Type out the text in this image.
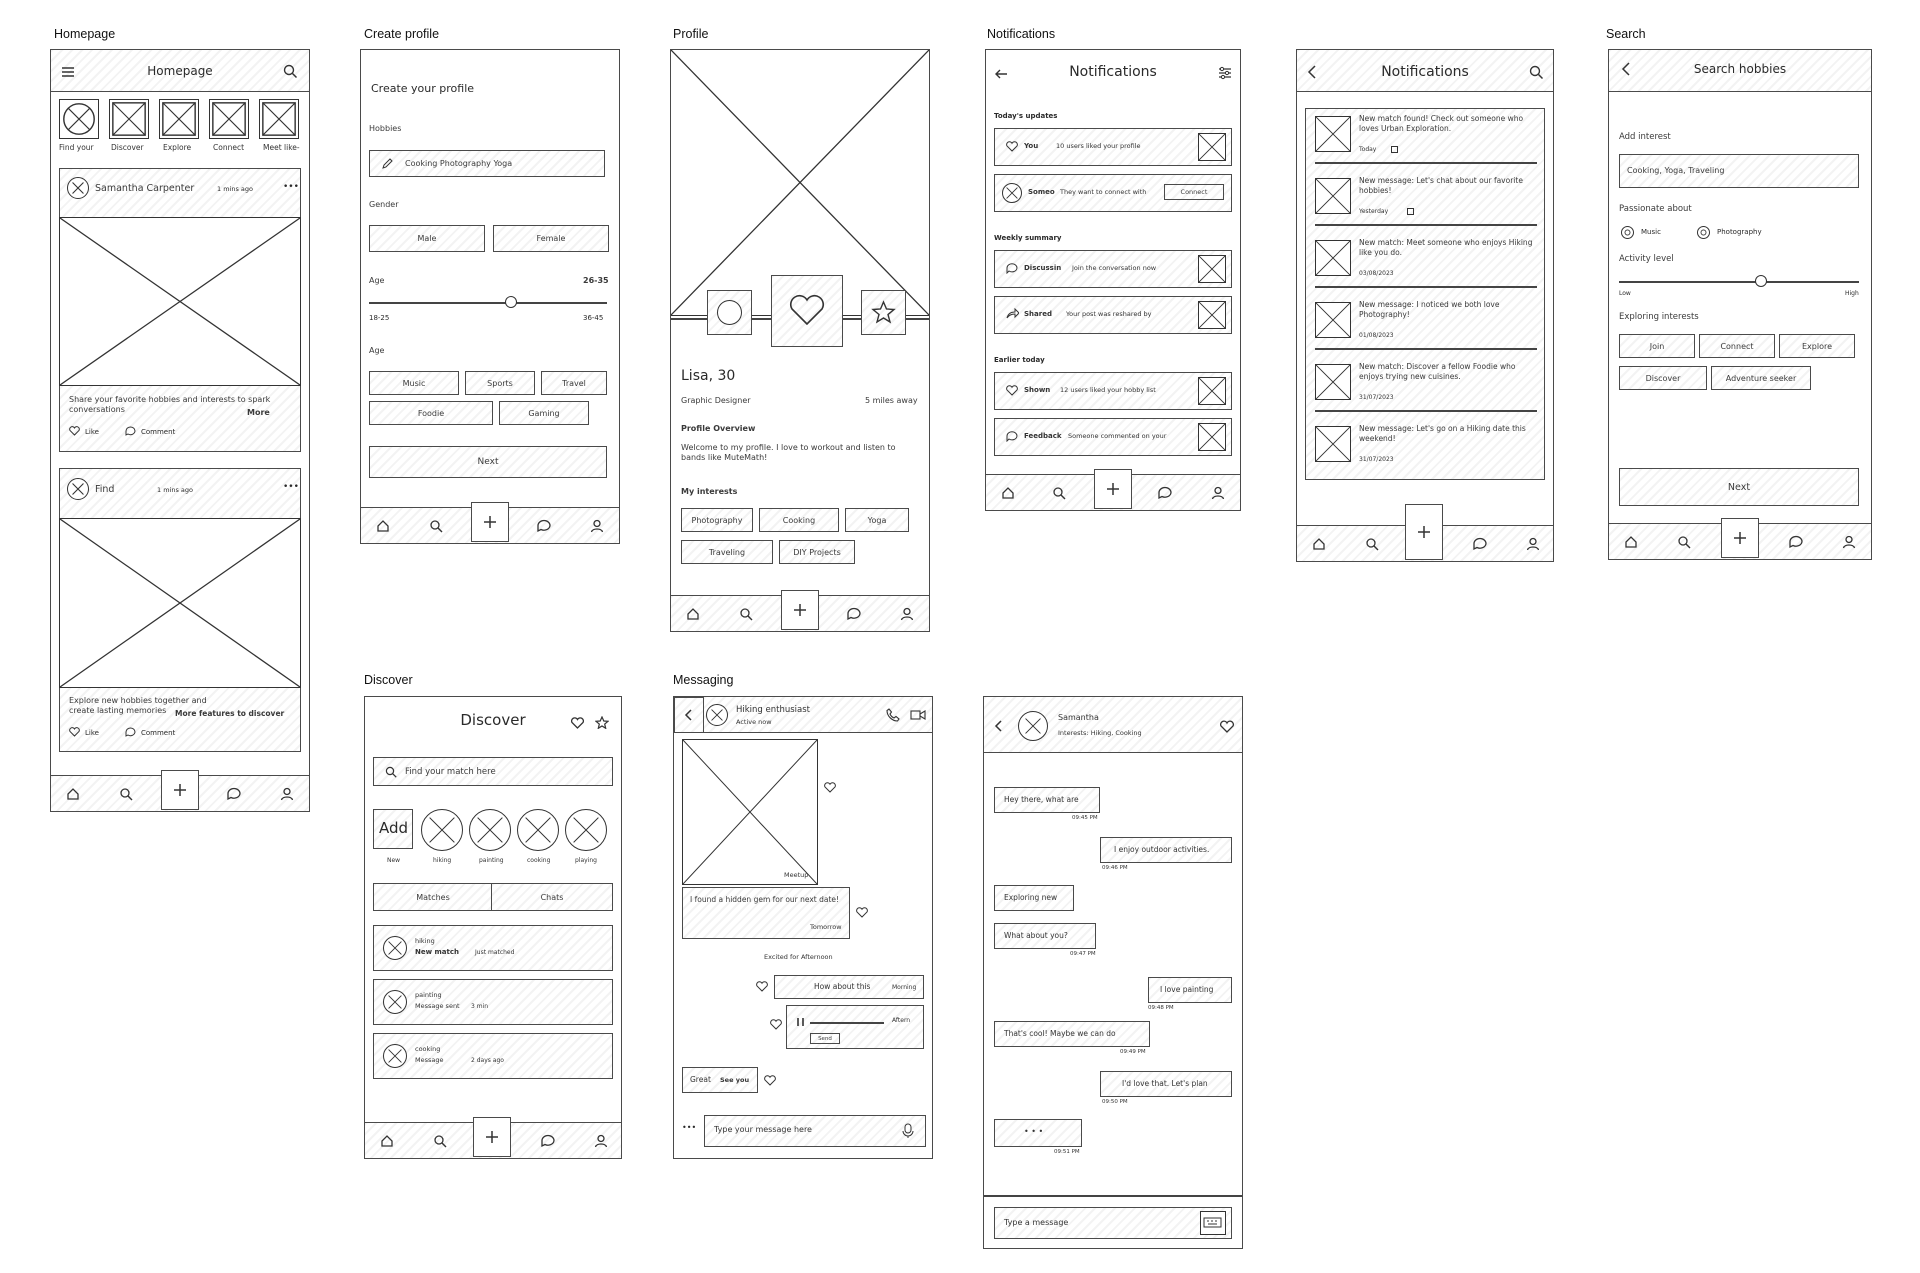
Homepage	Create profile	Profile	Notifications	Search
Discover	Messaging
Homepage
Find your Discover	Explore	Connect	Meet like-
Samantha Carpenter	1 mins ago	•••
Share your favorite hobbies and interests to spark conversations	More
Like	Comment
Find	1 mins ago	•••
Explore new hobbies together and create lasting memories	More features to discover
Like	Comment
Create your profile
Hobbies
Cooking Photography Yoga
Gender
Male	Female
Age	26-35
18-25	36-45
Age
Music	Sports	Travel
Foodie	Gaming
Next
Lisa, 30
Graphic Designer	5 miles away
Profile Overview
Welcome to my profile. I love to workout and listen to bands like MuteMath!
My interests
Photography	Cooking	Yoga
Traveling	DIY Projects
Notifications
Today's updates
You	10 users liked your profile
Someo They want to connect with	Connect
Weekly summary
Discussin Join the conversation now
Shared Your post was reshared by
Earlier today
Shown 12 users liked your hobby list
Feedback Someone commented on your
Notifications
New match found! Check out someone who loves Urban Exploration.
Today
New message: Let's chat about our favorite hobbies!
Yesterday
New match: Meet someone who enjoys Hiking like you do.
03/08/2023
New message: I noticed we both love Photography!
01/08/2023
New match: Discover a fellow Foodie who enjoys trying new cuisines.
31/07/2023
New message: Let's go on a Hiking date this weekend!
31/07/2023
Search hobbies
Add interest
Cooking, Yoga, Traveling
Passionate about
Music	Photography
Activity level
Low	High
Exploring interests
Join	Connect	Explore
Discover	Adventure seeker
Next
Discover
Find your match here
Add
New	hiking	painting	cooking	playing
Matches	Chats
hiking
New match	Just matched
painting
Message sent 3 min
cooking
Message	2 days ago
Hiking enthusiast
Active now
Meetup
I found a hidden gem for our next date!
Tomorrow
Excited for Afternoon
How about this	Morning
Aftern
Send
Great See you
••• Type your message here
Samantha
Interests: Hiking, Cooking
Hey there, what are
09:45 PM
I enjoy outdoor activities.
09:46 PM
Exploring new
What about you?
09:47 PM
I love painting
09:48 PM
That's cool! Maybe we can do
09:49 PM
I'd love that. Let's plan
09:50 PM
• • •
09:51 PM
Type a message
